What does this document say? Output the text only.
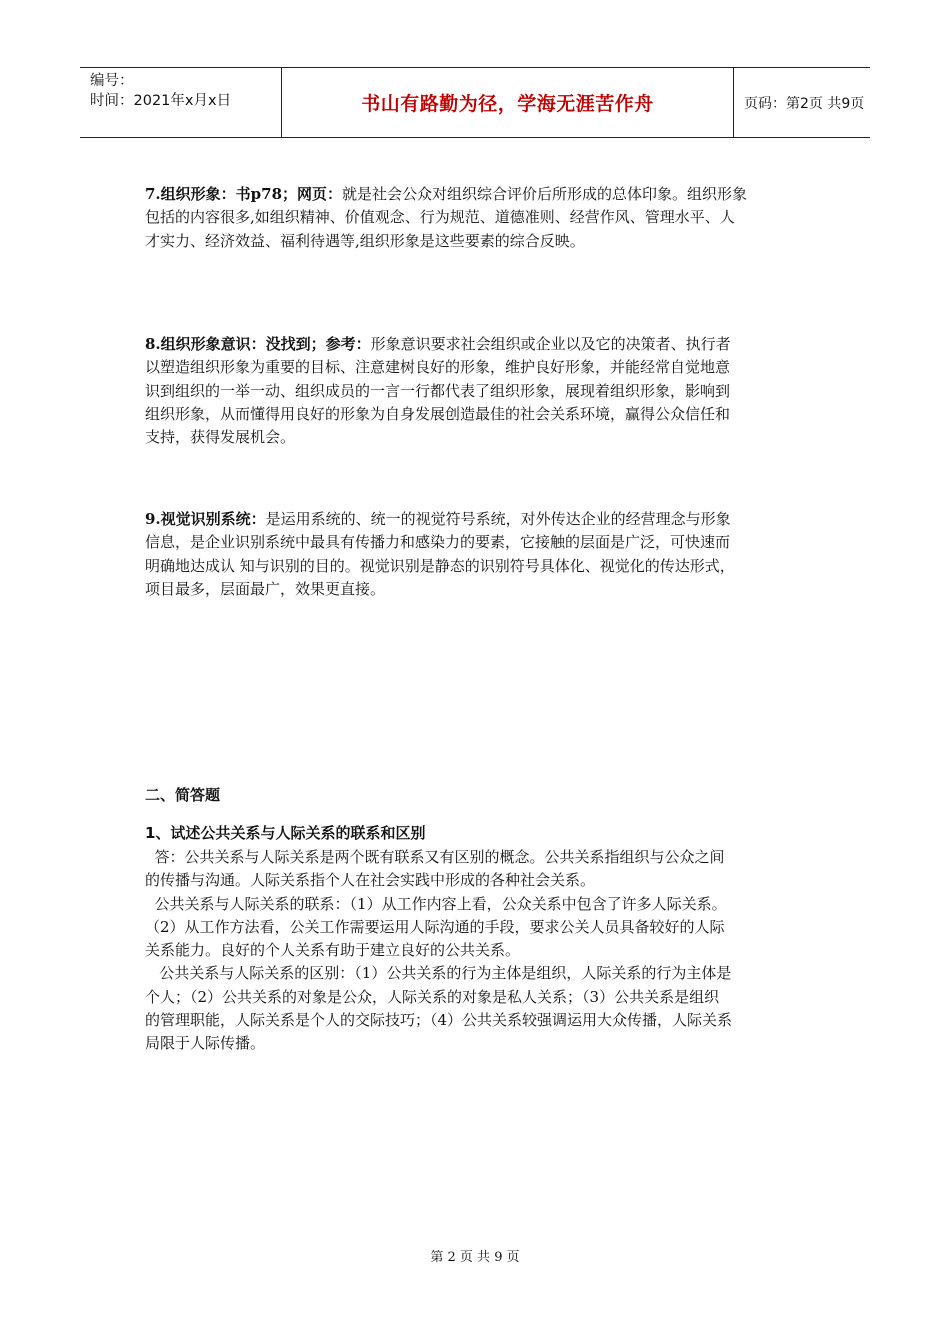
编号：
时间：2021年x月x日	书山有路勤为径，学海无涯苦作舟	页码：第2页 共9页
7.组织形象：书p78；网页：就是社会公众对组织综合评价后所形成的总体印象。组织形象
包括的内容很多,如组织精神、价值观念、行为规范、道德准则、经营作风、管理水平、人
才实力、经济效益、福利待遇等,组织形象是这些要素的综合反映。
8.组织形象意识：没找到；参考：形象意识要求社会组织或企业以及它的决策者、执行者
以塑造组织形象为重要的目标、注意建树良好的形象，维护良好形象，并能经常自觉地意
识到组织的一举一动、组织成员的一言一行都代表了组织形象，展现着组织形象，影响到
组织形象，从而懂得用良好的形象为自身发展创造最佳的社会关系环境，赢得公众信任和
支持，获得发展机会。
9.视觉识别系统：是运用系统的、统一的视觉符号系统，对外传达企业的经营理念与形象
信息，是企业识别系统中最具有传播力和感染力的要素，它接触的层面是广泛，可快速而
明确地达成认 知与识别的目的。视觉识别是静态的识别符号具体化、视觉化的传达形式，
项目最多，层面最广，效果更直接。
二、简答题
1、试述公共关系与人际关系的联系和区别
答：公共关系与人际关系是两个既有联系又有区别的概念。公共关系指组织与公众之间
的传播与沟通。人际关系指个人在社会实践中形成的各种社会关系。
公共关系与人际关系的联系：（1）从工作内容上看，公众关系中包含了许多人际关系。
（2）从工作方法看，公关工作需要运用人际沟通的手段，要求公关人员具备较好的人际
关系能力。良好的个人关系有助于建立良好的公共关系。
公共关系与人际关系的区别：（1）公共关系的行为主体是组织，人际关系的行为主体是
个人；（2）公共关系的对象是公众，人际关系的对象是私人关系；（3）公共关系是组织
的管理职能，人际关系是个人的交际技巧；（4）公共关系较强调运用大众传播，人际关系
局限于人际传播。
第 2 页 共 9 页
